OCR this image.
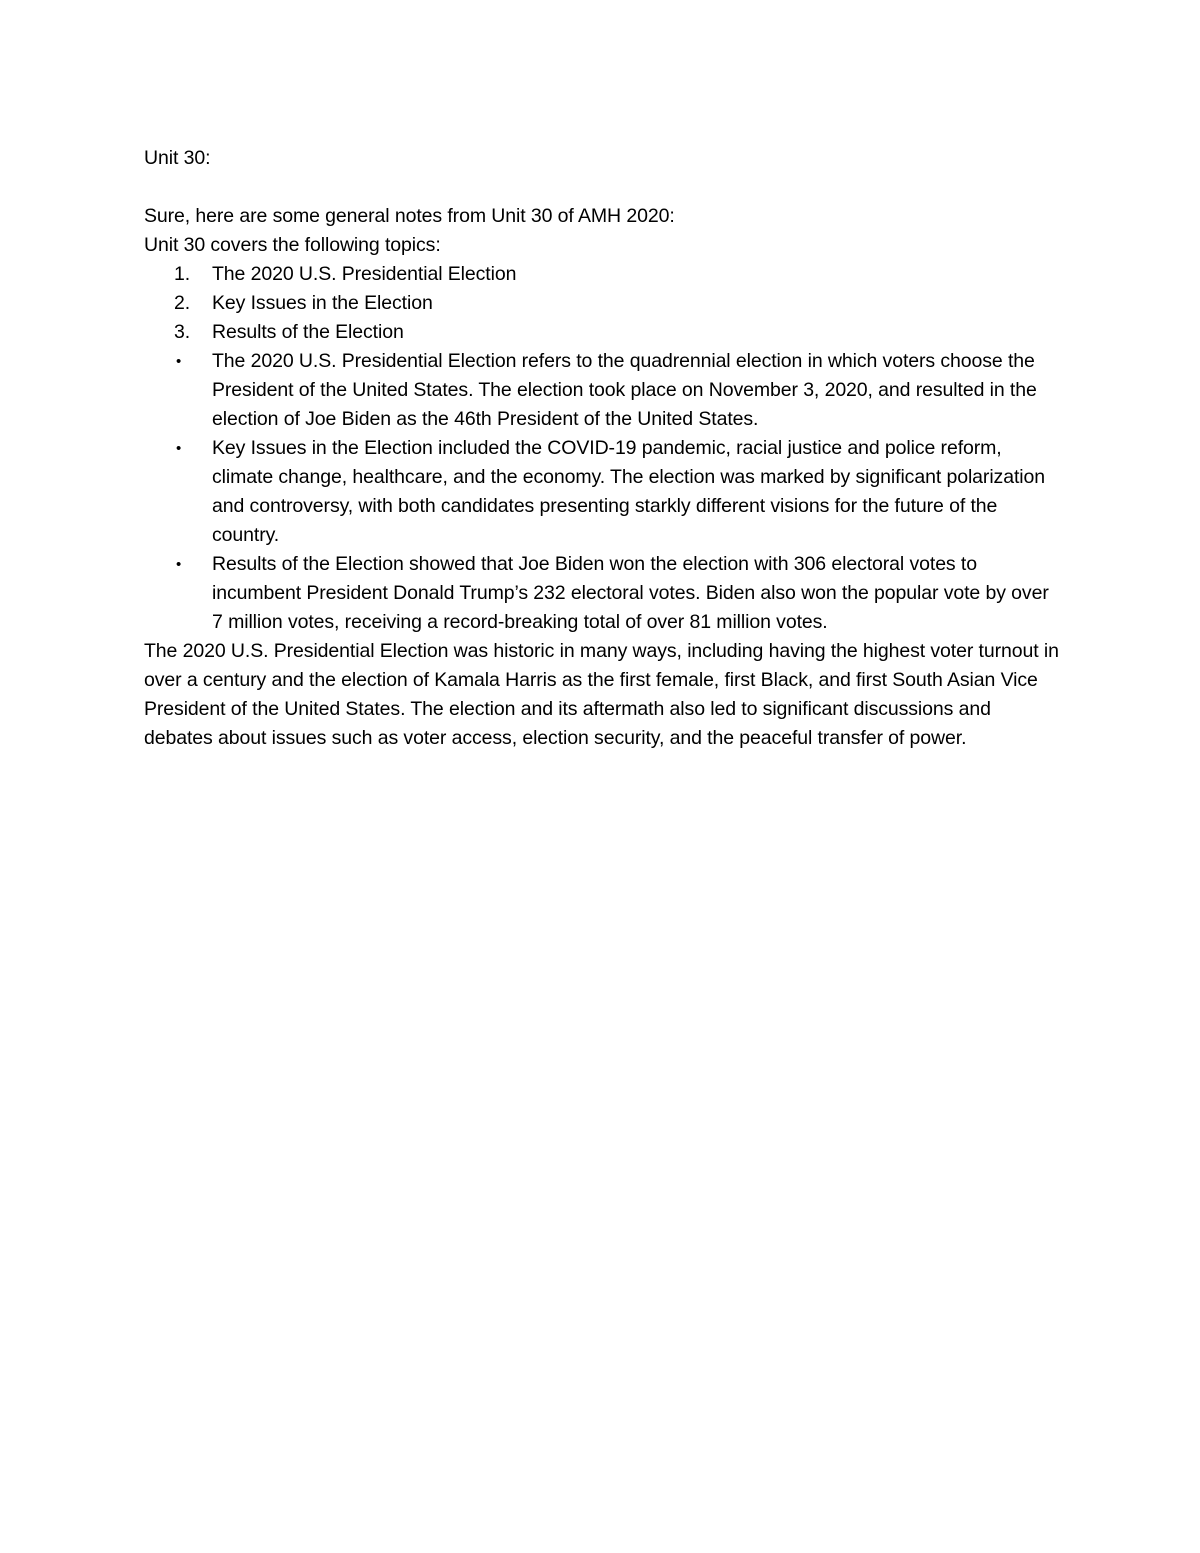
Unit 30:

Sure, here are some general notes from Unit 30 of AMH 2020:

Unit 30 covers the following topics:

1.	The 2020 U.S. Presidential Election
2.	Key Issues in the Election
3.	Results of the Election
• The 2020 U.S. Presidential Election refers to the quadrennial election in which voters choose the President of the United States. The election took place on November 3, 2020, and resulted in the election of Joe Biden as the 46th President of the United States.
• Key Issues in the Election included the COVID-19 pandemic, racial justice and police reform, climate change, healthcare, and the economy. The election was marked by significant polarization and controversy, with both candidates presenting starkly different visions for the future of the country.
• Results of the Election showed that Joe Biden won the election with 306 electoral votes to incumbent President Donald Trump’s 232 electoral votes. Biden also won the popular vote by over 7 million votes, receiving a record-breaking total of over 81 million votes.

The 2020 U.S. Presidential Election was historic in many ways, including having the highest voter turnout in over a century and the election of Kamala Harris as the first female, first Black, and first South Asian Vice President of the United States. The election and its aftermath also led to significant discussions and debates about issues such as voter access, election security, and the peaceful transfer of power.
